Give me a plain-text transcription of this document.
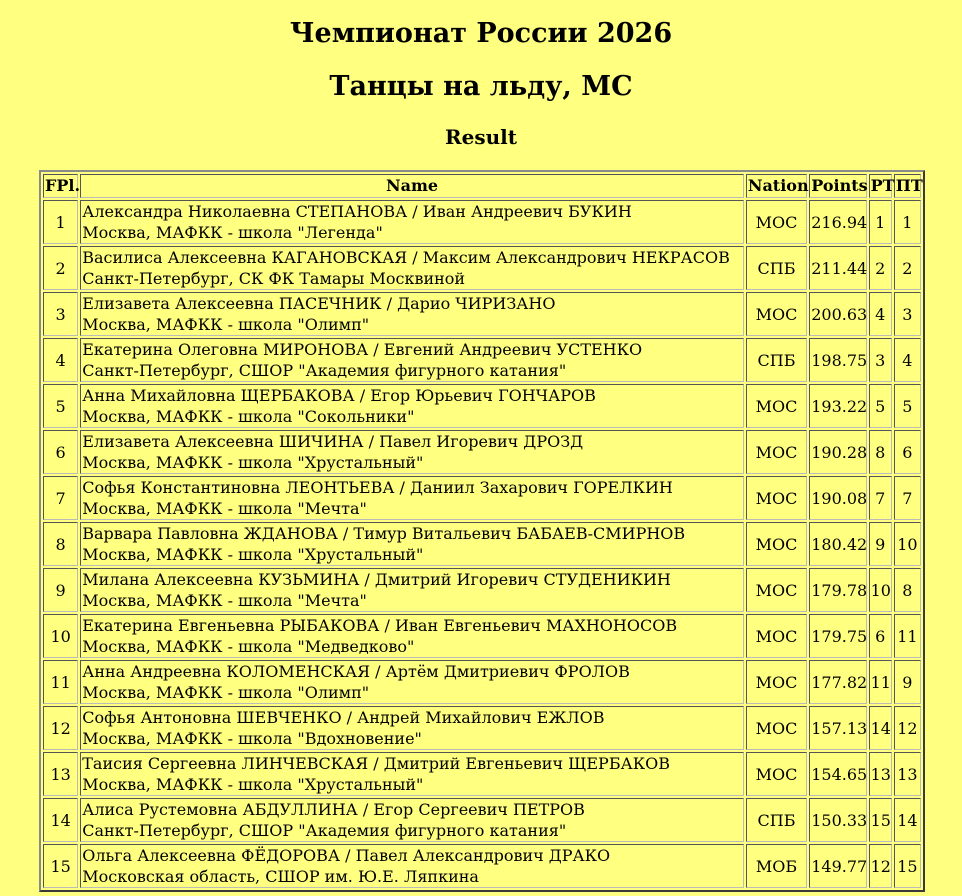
Чемпионат России 2026
Танцы на льду, МС
Result
FPl.	Name	Nation	Points	PT	ПТ
1	Александра Николаевна СТЕПАНОВА / Иван Андреевич БУКИН
Москва, МАФКК - школа "Легенда"	МОС	216.94	1	1
2	Василиса Алексеевна КАГАНОВСКАЯ / Максим Александрович НЕКРАСОВ
Санкт-Петербург, СК ФК Тамары Москвиной	СПБ	211.44	2	2
3	Елизавета Алексеевна ПАСЕЧНИК / Дарио ЧИРИЗАНО
Москва, МАФКК - школа "Олимп"	МОС	200.63	4	3
4	Екатерина Олеговна МИРОНОВА / Евгений Андреевич УСТЕНКО
Санкт-Петербург, СШОР "Академия фигурного катания"	СПБ	198.75	3	4
5	Анна Михайловна ЩЕРБАКОВА / Егор Юрьевич ГОНЧАРОВ
Москва, МАФКК - школа "Сокольники"	МОС	193.22	5	5
6	Елизавета Алексеевна ШИЧИНА / Павел Игоревич ДРОЗД
Москва, МАФКК - школа "Хрустальный"	МОС	190.28	8	6
7	Софья Константиновна ЛЕОНТЬЕВА / Даниил Захарович ГОРЕЛКИН
Москва, МАФКК - школа "Мечта"	МОС	190.08	7	7
8	Варвара Павловна ЖДАНОВА / Тимур Витальевич БАБАЕВ-СМИРНОВ
Москва, МАФКК - школа "Хрустальный"	МОС	180.42	9	10
9	Милана Алексеевна КУЗЬМИНА / Дмитрий Игоревич СТУДЕНИКИН
Москва, МАФКК - школа "Мечта"	МОС	179.78	10	8
10	Екатерина Евгеньевна РЫБАКОВА / Иван Евгеньевич МАХНОНОСОВ
Москва, МАФКК - школа "Медведково"	МОС	179.75	6	11
11	Анна Андреевна КОЛОМЕНСКАЯ / Артём Дмитриевич ФРОЛОВ
Москва, МАФКК - школа "Олимп"	МОС	177.82	11	9
12	Софья Антоновна ШЕВЧЕНКО / Андрей Михайлович ЕЖЛОВ
Москва, МАФКК - школа "Вдохновение"	МОС	157.13	14	12
13	Таисия Сергеевна ЛИНЧЕВСКАЯ / Дмитрий Евгеньевич ЩЕРБАКОВ
Москва, МАФКК - школа "Хрустальный"	МОС	154.65	13	13
14	Алиса Рустемовна АБДУЛЛИНА / Егор Сергеевич ПЕТРОВ
Санкт-Петербург, СШОР "Академия фигурного катания"	СПБ	150.33	15	14
15	Ольга Алексеевна ФЁДОРОВА / Павел Александрович ДРАКО
Московская область, СШОР им. Ю.Е. Ляпкина	МОБ	149.77	12	15
